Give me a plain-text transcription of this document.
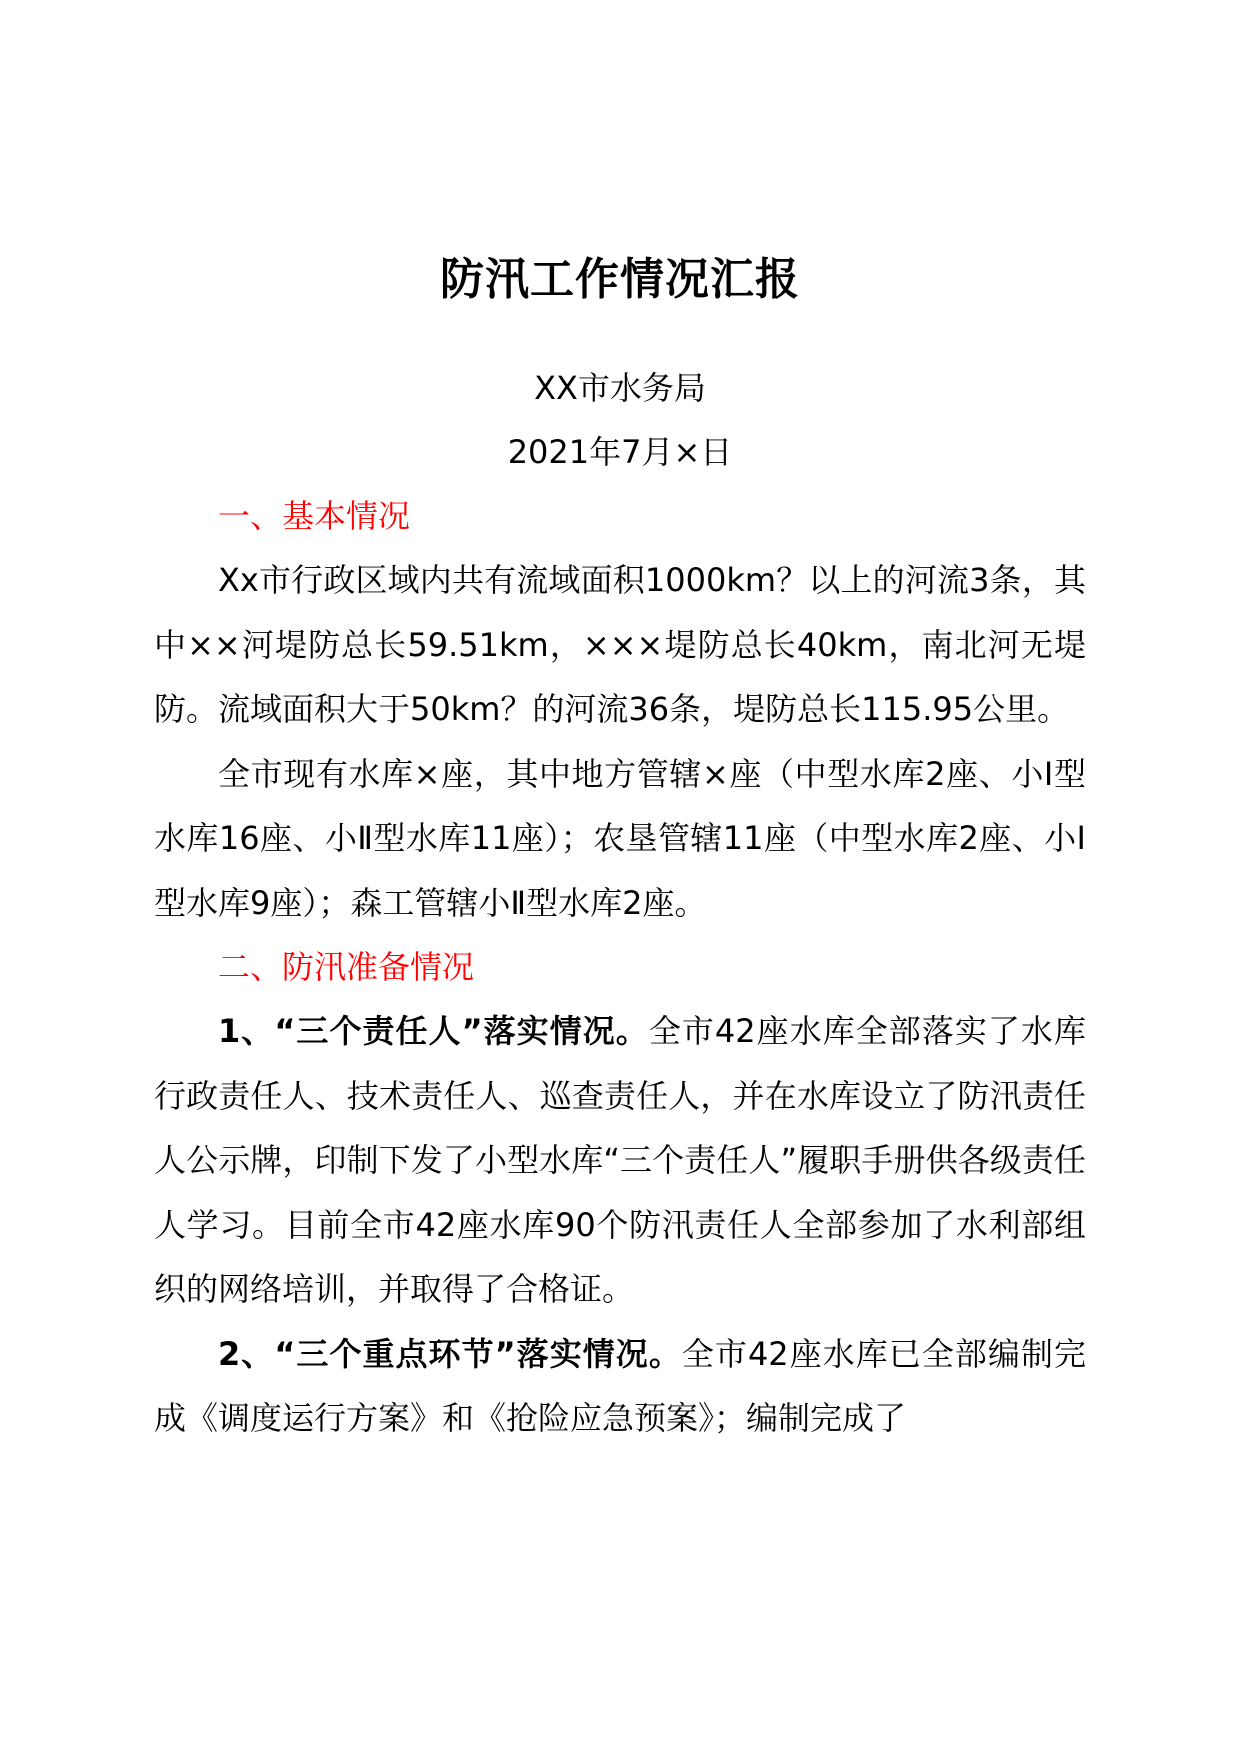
防汛工作情况汇报

XX市水务局

2021年7月×日

一、基本情况

Xx市行政区域内共有流域面积1000km？以上的河流3条，其中××河堤防总长59.51km，×××堤防总长40km，南北河无堤防。流域面积大于50km？的河流36条，堤防总长115.95公里。

全市现有水库×座，其中地方管辖×座（中型水库2座、小Ⅰ型水库16座、小Ⅱ型水库11座）；农垦管辖11座（中型水库2座、小Ⅰ型水库9座）；森工管辖小Ⅱ型水库2座。

二、防汛准备情况

1、“三个责任人”落实情况。全市42座水库全部落实了水库行政责任人、技术责任人、巡查责任人，并在水库设立了防汛责任人公示牌，印制下发了小型水库“三个责任人”履职手册供各级责任人学习。目前全市42座水库90个防汛责任人全部参加了水利部组织的网络培训，并取得了合格证。

2、“三个重点环节”落实情况。全市42座水库已全部编制完成《调度运行方案》和《抢险应急预案》；编制完成了
